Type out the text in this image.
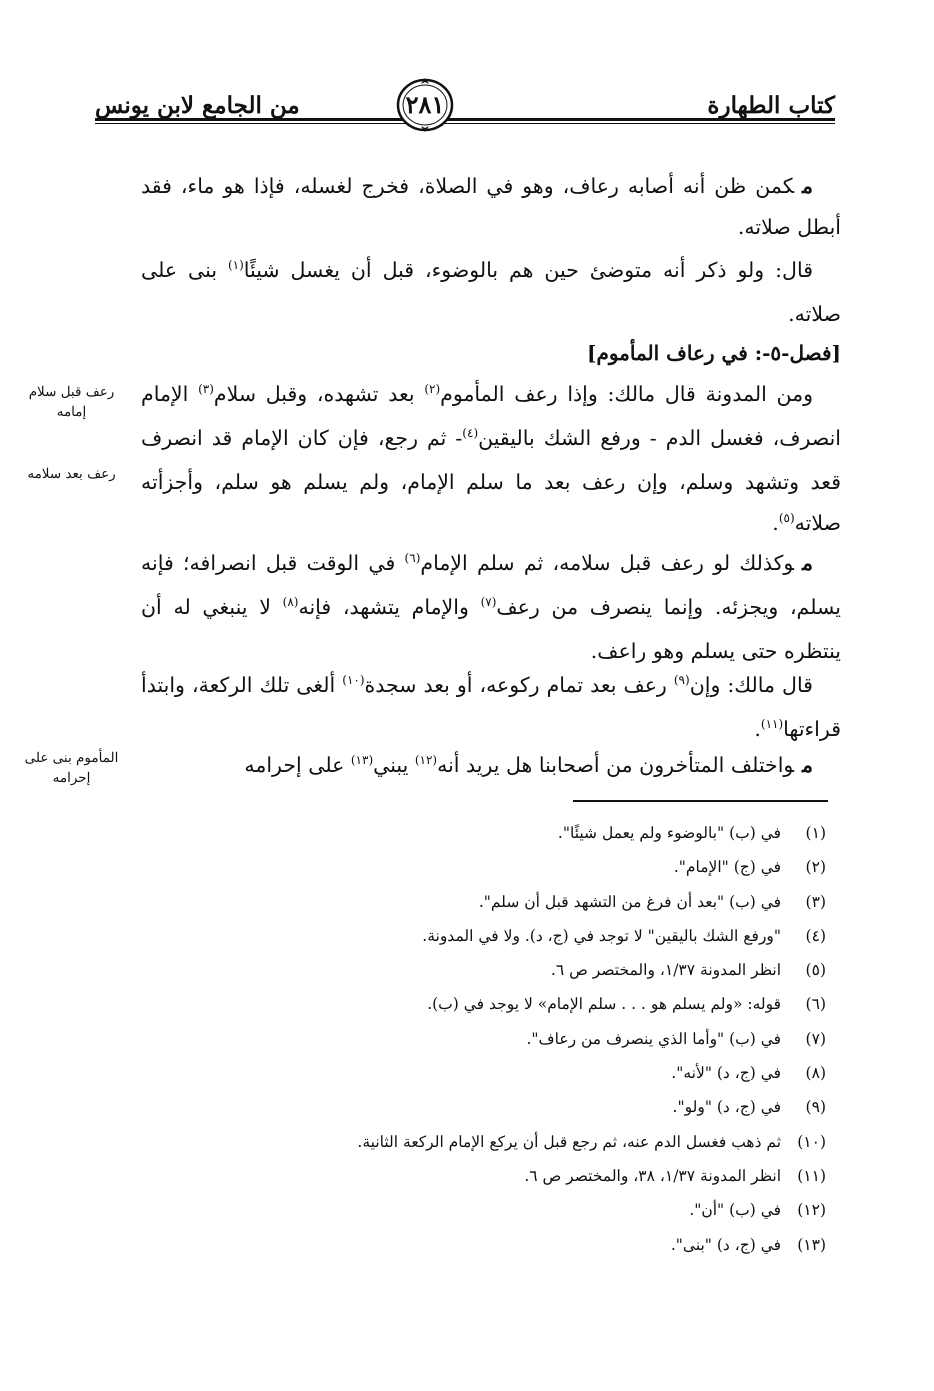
كتاب الطهارة
من الجامع لابن يونس	٢٨١

مكمن ظن أنه أصابه رعاف، وهو في الصلاة، فخرج لغسله، فإذا هو ماء، فقد أبطل صلاته.

قال: ولو ذكر أنه متوضئ حين هم بالوضوء، قبل أن يغسل شيئًا$^{(١)}$ بنى على صلاته.

[فصل-٥-: في رعاف المأموم]

ومن المدونة قال مالك: وإذا رعف المأموم$^{(٢)}$ بعد تشهده، وقبل سلام$^{(٣)}$ الإمام انصرف، فغسل الدم - ورفع الشك باليقين$^{(٤)}$- ثم رجع، فإن كان الإمام قد انصرف قعد وتشهد وسلم، وإن رعف بعد ما سلم الإمام، ولم يسلم هو سلم، وأجزأته صلاته$^{(٥)}$.

موكذلك لو رعف قبل سلامه، ثم سلم الإمام$^{(٦)}$ في الوقت قبل انصرافه؛ فإنه يسلم، ويجزئه. وإنما ينصرف من رعف$^{(٧)}$ والإمام يتشهد، فإنه$^{(٨)}$ لا ينبغي له أن ينتظره حتى يسلم وهو راعف.

قال مالك: وإن$^{(٩)}$ رعف بعد تمام ركوعه، أو بعد سجدة$^{(١٠)}$ ألغى تلك الركعة، وابتدأ قراءتها$^{(١١)}$.

مواختلف المتأخرون من أصحابنا هل يريد أنه$^{(١٢)}$ يبني$^{(١٣)}$ على إحرامه

رعف قبل سلام إمامه
رعف بعد سلامه
المأموم بنى على إحرامه
(١) في (ب) "بالوضوء ولم يعمل شيئًا".
(٢) في (ج) "الإمام".
(٣) في (ب) "بعد أن فرغ من التشهد قبل أن سلم".
(٤) "ورفع الشك باليقين" لا توجد في (ج، د). ولا في المدونة.
(٥) انظر المدونة ١/٣٧، والمختصر ص ٦.
(٦) قوله: «ولم يسلم هو . . . سلم الإمام» لا يوجد في (ب).
(٧) في (ب) "وأما الذي ينصرف من رعاف".
(٨) في (ج، د) "لأنه".
(٩) في (ج، د) "ولو".
(١٠) ثم ذهب فغسل الدم عنه، ثم رجع قبل أن يركع الإمام الركعة الثانية.
(١١) انظر المدونة ١/٣٧، ٣٨، والمختصر ص ٦.
(١٢) في (ب) "أن".
(١٣) في (ج، د) "بنى".
